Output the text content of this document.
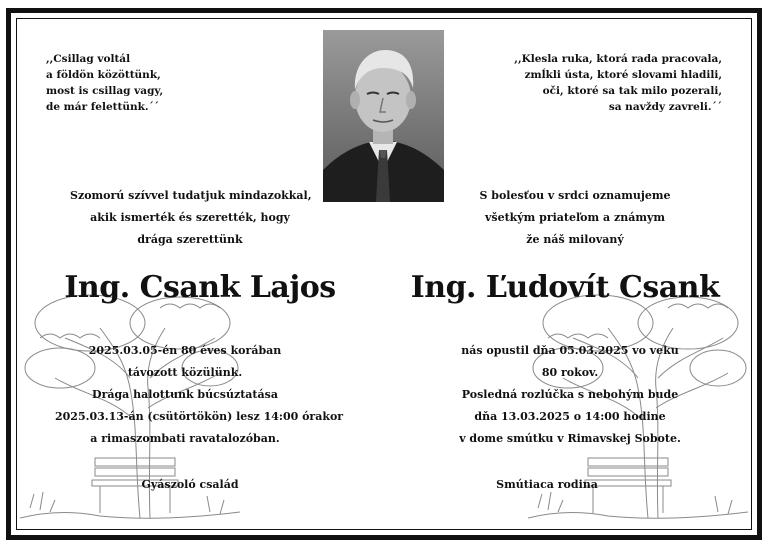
,,Csillag voltál
a földön közöttünk,
most is csillag vagy,
de már felettünk.´´
,,Klesla ruka, ktorá rada pracovala,
zmĺkli ústa, ktoré slovami hladili,
oči, ktoré sa tak milo pozerali,
sa navždy zavreli.´´
Szomorú szívvel tudatjuk mindazokkal,
akik ismerték és szerették, hogy
drága szerettünk
S bolesťou v srdci oznamujeme
všetkým priateľom a známym
že náš milovaný
Ing. Csank Lajos	Ing. Ľudovít Csank
2025.03.05-én 80 éves korában
távozott közülünk.
Drága halottunk búcsúztatása
2025.03.13-án (csütörtökön) lesz 14:00 órakor
a rimaszombati ravatalozóban.
nás opustil dňa 05.03.2025 vo veku
80 rokov.
Posledná rozlúčka s nebohým bude
dňa 13.03.2025 o 14:00 hodine
v dome smútku v Rimavskej Sobote.
Gyászoló család	Smútiaca rodina
